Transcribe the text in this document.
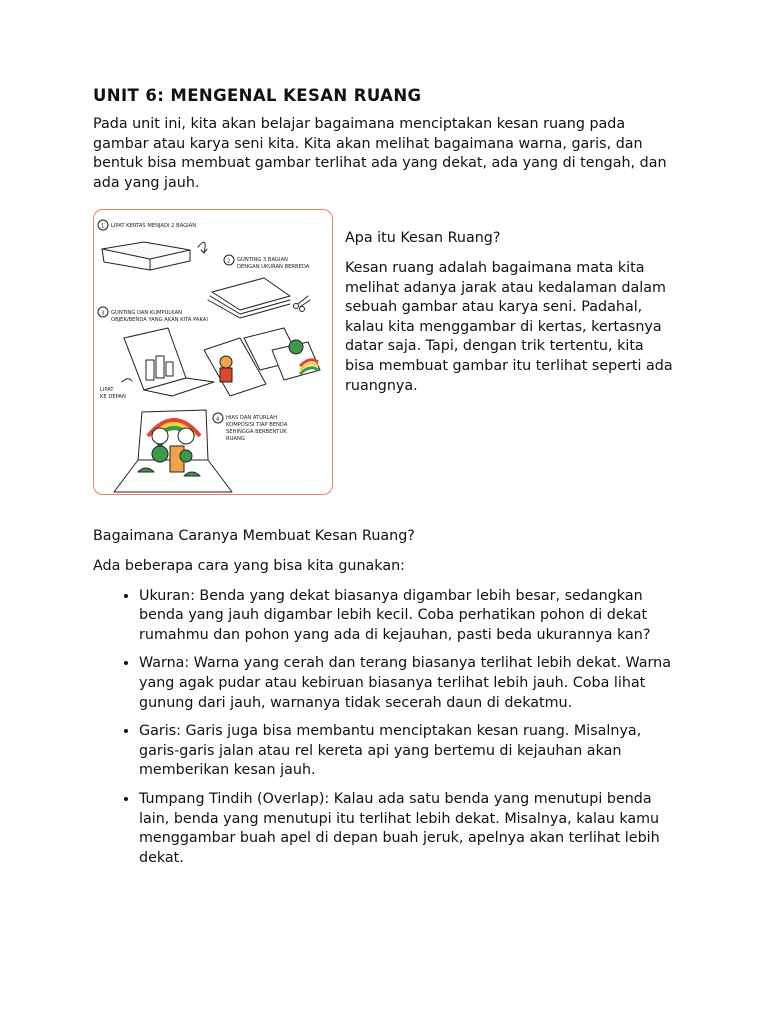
UNIT 6: MENGENAL KESAN RUANG

Pada unit ini, kita akan belajar bagaimana menciptakan kesan ruang pada gambar atau karya seni kita. Kita akan melihat bagaimana warna, garis, dan bentuk bisa membuat gambar terlihat ada yang dekat, ada yang di tengah, dan ada yang jauh.

1 LIPAT KERTAS MENJADI 2 BAGIAN
2 GUNTING 3 BAGIAN
DENGAN UKURAN BERBEDA
3 GUNTING DAN KUMPULKAN
OBJEK/BENDA YANG AKAN KITA PAKAI
LIPAT
KE DEPAN
4 HIAS DAN ATURLAH
KOMPOSISI TIAP BENDA
SEHINGGA BERBENTUK
RUANG

Apa itu Kesan Ruang?

Kesan ruang adalah bagaimana mata kita melihat adanya jarak atau kedalaman dalam sebuah gambar atau karya seni. Padahal, kalau kita menggambar di kertas, kertasnya datar saja. Tapi, dengan trik tertentu, kita bisa membuat gambar itu terlihat seperti ada ruangnya.

Bagaimana Caranya Membuat Kesan Ruang?

Ada beberapa cara yang bisa kita gunakan:

• Ukuran: Benda yang dekat biasanya digambar lebih besar, sedangkan benda yang jauh digambar lebih kecil. Coba perhatikan pohon di dekat rumahmu dan pohon yang ada di kejauhan, pasti beda ukurannya kan?
• Warna: Warna yang cerah dan terang biasanya terlihat lebih dekat. Warna yang agak pudar atau kebiruan biasanya terlihat lebih jauh. Coba lihat gunung dari jauh, warnanya tidak secerah daun di dekatmu.
• Garis: Garis juga bisa membantu menciptakan kesan ruang. Misalnya, garis-garis jalan atau rel kereta api yang bertemu di kejauhan akan memberikan kesan jauh.
• Tumpang Tindih (Overlap): Kalau ada satu benda yang menutupi benda lain, benda yang menutupi itu terlihat lebih dekat. Misalnya, kalau kamu menggambar buah apel di depan buah jeruk, apelnya akan terlihat lebih dekat.
